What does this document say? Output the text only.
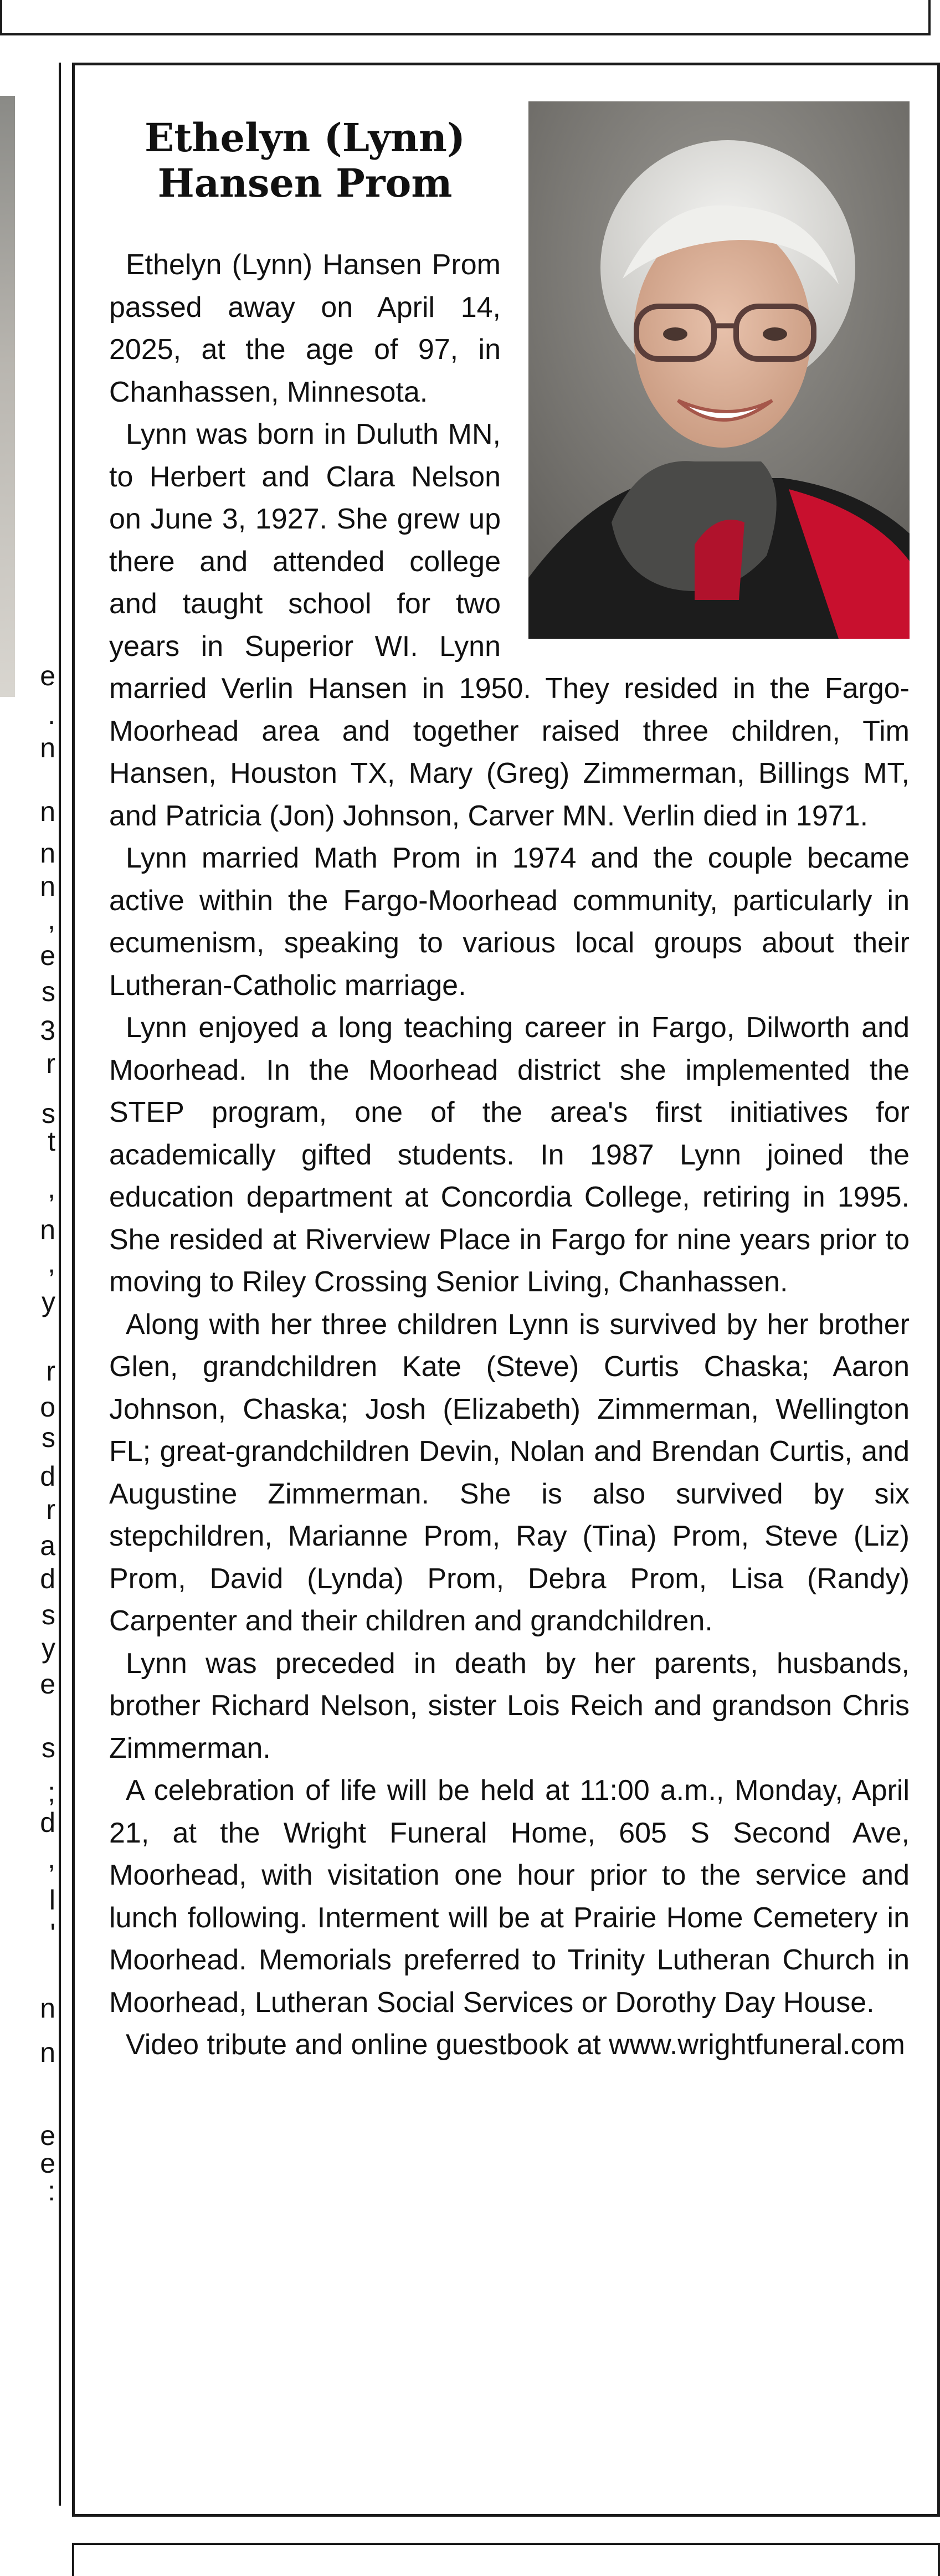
e
.
n
n
n
n
,
e
s
3
r
s
t
,
n
,
y
r
o
s
d
r
a
d
s
y
e
s
;
d
,
l
'
n
n
e
e
:
Ethelyn (Lynn)
Hansen Prom

Ethelyn (Lynn) Hansen Prom passed away on April 14, 2025, at the age of 97, in Chanhassen, Minnesota.

Lynn was born in Duluth MN, to Herbert and Clara Nelson on June 3, 1927. She grew up there and attended college and taught school for two years in Superior WI. Lynn married Verlin Hansen in 1950. They resided in the Fargo-Moorhead area and together raised three children, Tim Hansen, Houston TX, Mary (Greg) Zimmerman, Billings MT, and Patricia (Jon) Johnson, Carver MN. Verlin died in 1971.

Lynn married Math Prom in 1974 and the couple became active within the Fargo-Moorhead community, particularly in ecumenism, speaking to various local groups about their Lutheran-Catholic marriage.

Lynn enjoyed a long teaching career in Fargo, Dilworth and Moorhead. In the Moorhead district she implemented the STEP program, one of the area's first initiatives for academically gifted students. In 1987 Lynn joined the education department at Concordia College, retiring in 1995. She resided at Riverview Place in Fargo for nine years prior to moving to Riley Crossing Senior Living, Chanhassen.

Along with her three children Lynn is survived by her brother Glen, grandchildren Kate (Steve) Curtis Chaska; Aaron Johnson, Chaska; Josh (Elizabeth) Zimmerman, Wellington FL; great-grandchildren Devin, Nolan and Brendan Curtis, and Augustine Zimmerman. She is also survived by six stepchildren, Marianne Prom, Ray (Tina) Prom, Steve (Liz) Prom, David (Lynda) Prom, Debra Prom, Lisa (Randy) Carpenter and their children and grandchildren.

Lynn was preceded in death by her parents, husbands, brother Richard Nelson, sister Lois Reich and grandson Chris Zimmerman.

A celebration of life will be held at 11:00 a.m., Monday, April 21, at the Wright Funeral Home, 605 S Second Ave, Moorhead, with visitation one hour prior to the service and lunch following. Interment will be at Prairie Home Cemetery in Moorhead. Memorials preferred to Trinity Lutheran Church in Moorhead, Lutheran Social Services or Dorothy Day House.

Video tribute and online guestbook at www.wrightfuneral.com
